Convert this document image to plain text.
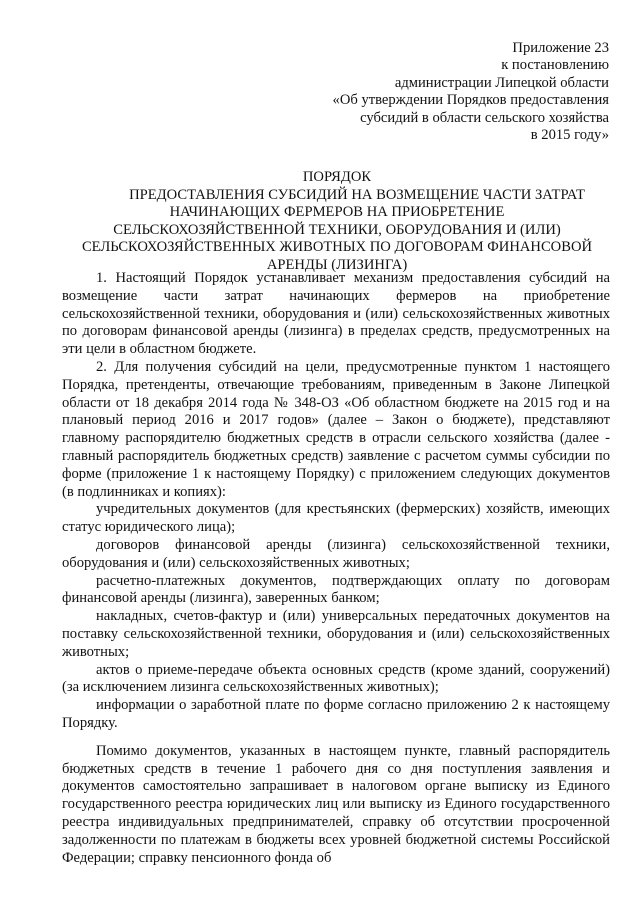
Приложение 23
к постановлению
администрации Липецкой области
«Об утверждении Порядков предоставления
субсидий в области сельского хозяйства
в 2015 году»
ПОРЯДОК
ПРЕДОСТАВЛЕНИЯ СУБСИДИЙ НА ВОЗМЕЩЕНИЕ ЧАСТИ ЗАТРАТ
НАЧИНАЮЩИХ ФЕРМЕРОВ НА ПРИОБРЕТЕНИЕ
СЕЛЬСКОХОЗЯЙСТВЕННОЙ ТЕХНИКИ, ОБОРУДОВАНИЯ И (ИЛИ)
СЕЛЬСКОХОЗЯЙСТВЕННЫХ ЖИВОТНЫХ ПО ДОГОВОРАМ ФИНАНСОВОЙ
АРЕНДЫ (ЛИЗИНГА)

1. Настоящий Порядок устанавливает механизм предоставления субсидий на возмещение части затрат начинающих фермеров на приобретение сельскохозяйственной техники, оборудования и (или) сельскохозяйственных животных по договорам финансовой аренды (лизинга) в пределах средств, предусмотренных на эти цели в областном бюджете.

2. Для получения субсидий на цели, предусмотренные пунктом 1 настоящего Порядка, претенденты, отвечающие требованиям, приведенным в Законе Липецкой области от 18 декабря 2014 года № 348-ОЗ «Об областном бюджете на 2015 год и на плановый период 2016 и 2017 годов» (далее – Закон о бюджете), представляют главному распорядителю бюджетных средств в отрасли сельского хозяйства (далее - главный распорядитель бюджетных средств) заявление с расчетом суммы субсидии по форме (приложение 1 к настоящему Порядку) с приложением следующих документов (в подлинниках и копиях):

учредительных документов (для крестьянских (фермерских) хозяйств, имеющих статус юридического лица);

договоров финансовой аренды (лизинга) сельскохозяйственной техники, оборудования и (или) сельскохозяйственных животных;

расчетно-платежных документов, подтверждающих оплату по договорам финансовой аренды (лизинга), заверенных банком;

накладных, счетов-фактур и (или) универсальных передаточных документов на поставку сельскохозяйственной техники, оборудования и (или) сельскохозяйственных животных;

актов о приеме-передаче объекта основных средств (кроме зданий, сооружений) (за исключением лизинга сельскохозяйственных животных);

информации о заработной плате по форме согласно приложению 2 к настоящему Порядку.

Помимо документов, указанных в настоящем пункте, главный распорядитель бюджетных средств в течение 1 рабочего дня со дня поступления заявления и документов самостоятельно запрашивает в налоговом органе выписку из Единого государственного реестра юридических лиц или выписку из Единого государственного реестра индивидуальных предпринимателей, справку об отсутствии просроченной задолженности по платежам в бюджеты всех уровней бюджетной системы Российской Федерации; справку пенсионного фонда об
